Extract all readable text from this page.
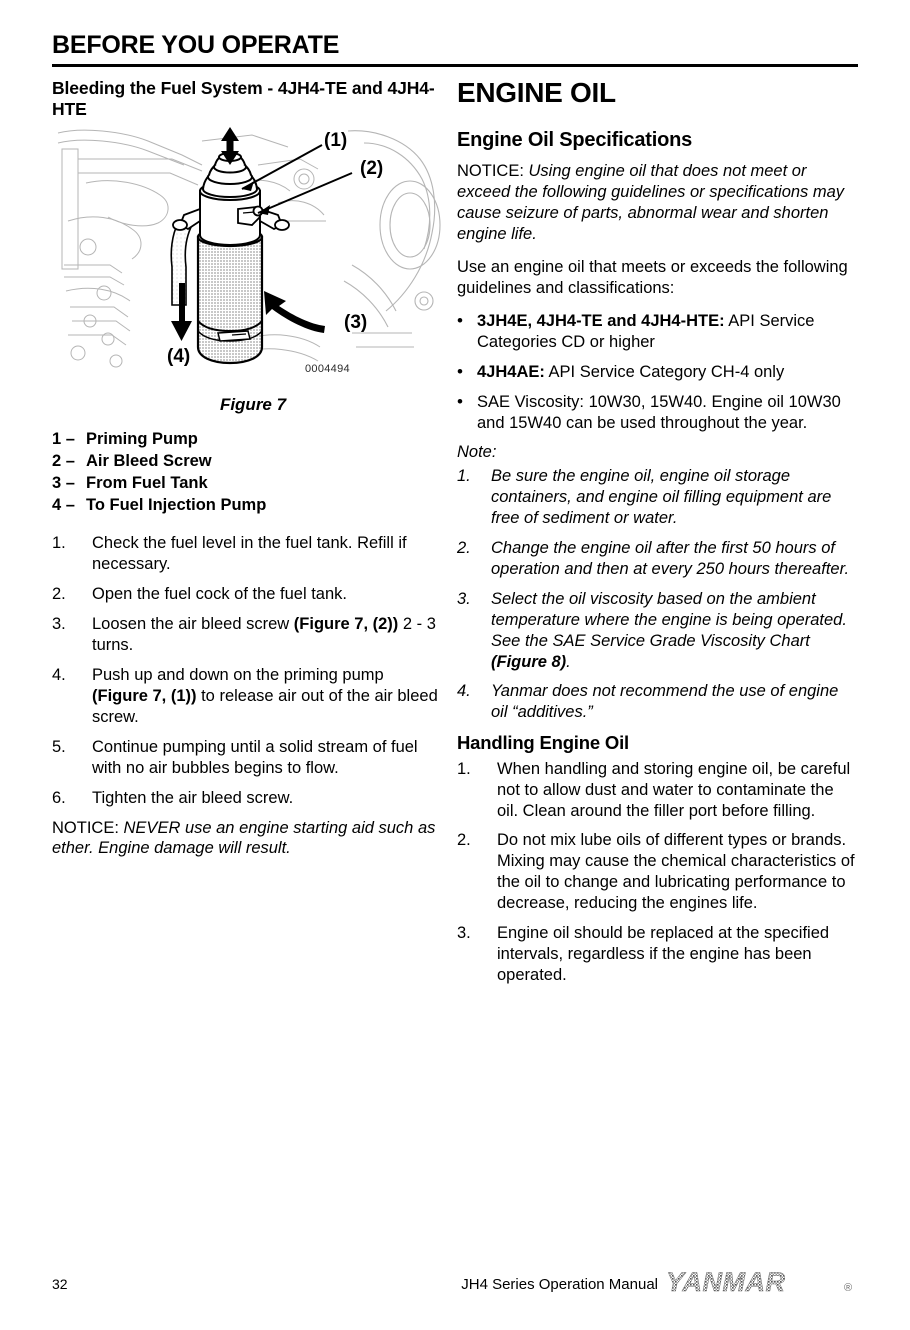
BEFORE YOU OPERATE
Bleeding the Fuel System - 4JH4-TE and 4JH4-HTE
(1)
(2)
(3)
(4)
0004494
Figure 7
1 – Priming Pump
2 – Air Bleed Screw
3 – From Fuel Tank
4 – To Fuel Injection Pump
1.	Check the fuel level in the fuel tank. Refill if necessary.
2.	Open the fuel cock of the fuel tank.
3.	Loosen the air bleed screw (Figure 7, (2)) 2 - 3 turns.
4.	Push up and down on the priming pump (Figure 7, (1)) to release air out of the air bleed screw.
5.	Continue pumping until a solid stream of fuel with no air bubbles begins to flow.
6.	Tighten the air bleed screw.

NOTICE: NEVER use an engine starting aid such as ether. Engine damage will result.

ENGINE OIL
Engine Oil Specifications

NOTICE: Using engine oil that does not meet or exceed the following guidelines or specifications may cause seizure of parts, abnormal wear and shorten engine life.

Use an engine oil that meets or exceeds the following guidelines and classifications:

• 3JH4E, 4JH4-TE and 4JH4-HTE: API Service Categories CD or higher
• 4JH4AE: API Service Category CH-4 only
• SAE Viscosity: 10W30, 15W40. Engine oil 10W30 and 15W40 can be used throughout the year.
Note:
1.	Be sure the engine oil, engine oil storage containers, and engine oil filling equipment are free of sediment or water.
2.	Change the engine oil after the first 50 hours of operation and then at every 250 hours thereafter.
3.	Select the oil viscosity based on the ambient temperature where the engine is being operated. See the SAE Service Grade Viscosity Chart (Figure 8).
4.	Yanmar does not recommend the use of engine oil “additives.”
Handling Engine Oil
1.	When handling and storing engine oil, be careful not to allow dust and water to contaminate the oil. Clean around the filler port before filling.
2.	Do not mix lube oils of different types or brands. Mixing may cause the chemical characteristics of the oil to change and lubricating performance to decrease, reducing the engines life.
3.	Engine oil should be replaced at the specified intervals, regardless if the engine has been operated.
32	JH4 Series Operation Manual YANMAR	®
